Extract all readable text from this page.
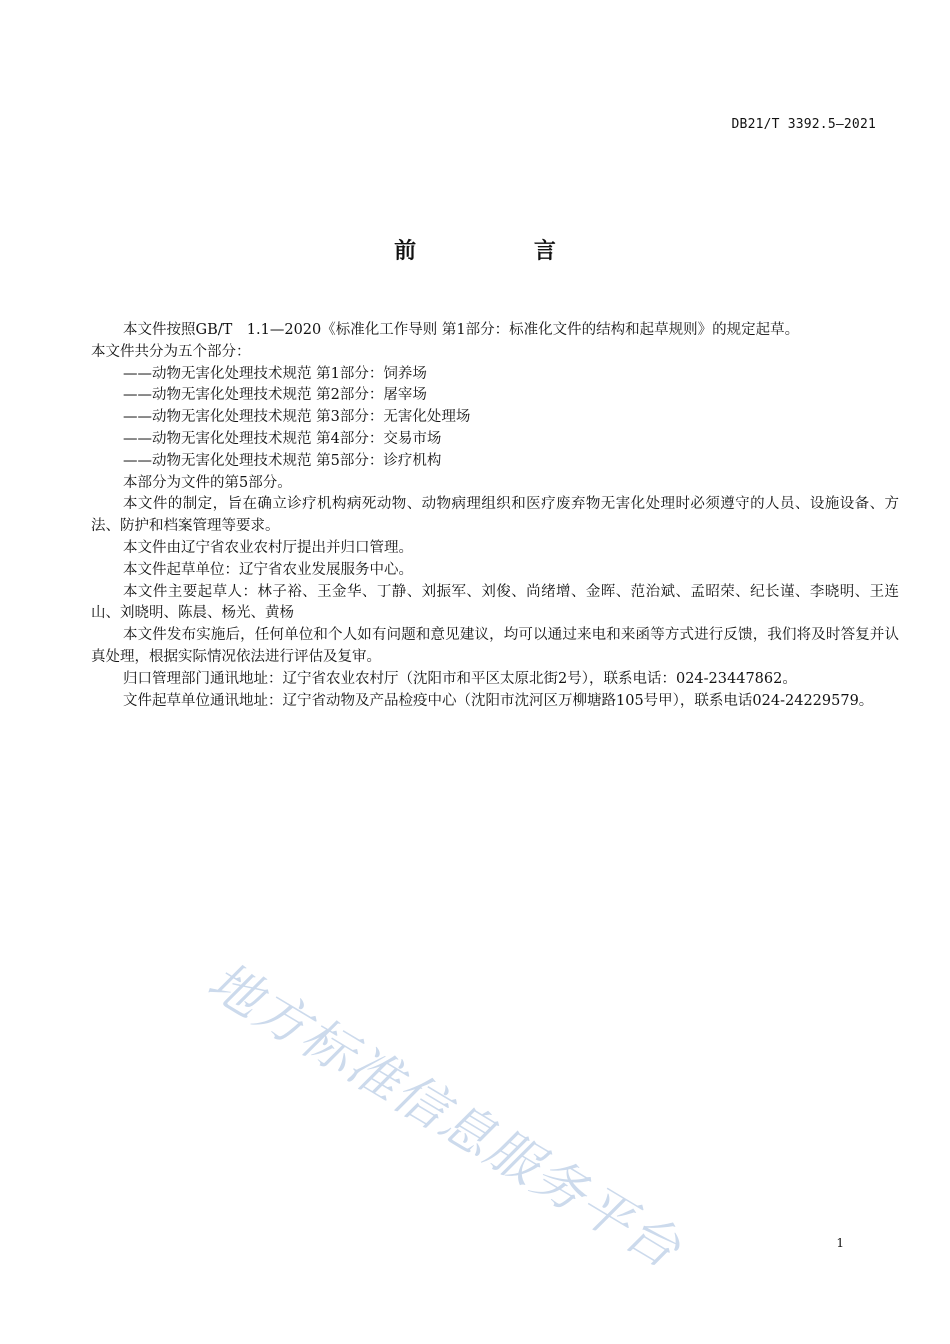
DB21/T 3392.5—2021
前 言

本文件按照GB/T　1.1—2020《标准化工作导则 第1部分：标准化文件的结构和起草规则》的规定起草。

本文件共分为五个部分：

——动物无害化处理技术规范 第1部分：饲养场

——动物无害化处理技术规范 第2部分：屠宰场

——动物无害化处理技术规范 第3部分：无害化处理场

——动物无害化处理技术规范 第4部分：交易市场

——动物无害化处理技术规范 第5部分：诊疗机构

本部分为文件的第5部分。

本文件的制定，旨在确立诊疗机构病死动物、动物病理组织和医疗废弃物无害化处理时必须遵守的人员、设施设备、方法、防护和档案管理等要求。

本文件由辽宁省农业农村厅提出并归口管理。

本文件起草单位：辽宁省农业发展服务中心。

本文件主要起草人：林子裕、王金华、丁静、刘振军、刘俊、尚绪增、金晖、范治斌、孟昭荣、纪长谨、李晓明、王连山、刘晓明、陈晨、杨光、黄杨

本文件发布实施后，任何单位和个人如有问题和意见建议，均可以通过来电和来函等方式进行反馈，我们将及时答复并认真处理，根据实际情况依法进行评估及复审。

归口管理部门通讯地址：辽宁省农业农村厅（沈阳市和平区太原北街2号），联系电话：024-23447862。

文件起草单位通讯地址：辽宁省动物及产品检疫中心（沈阳市沈河区万柳塘路105号甲），联系电话024-24229579。

地方标准信息服务平台	1
